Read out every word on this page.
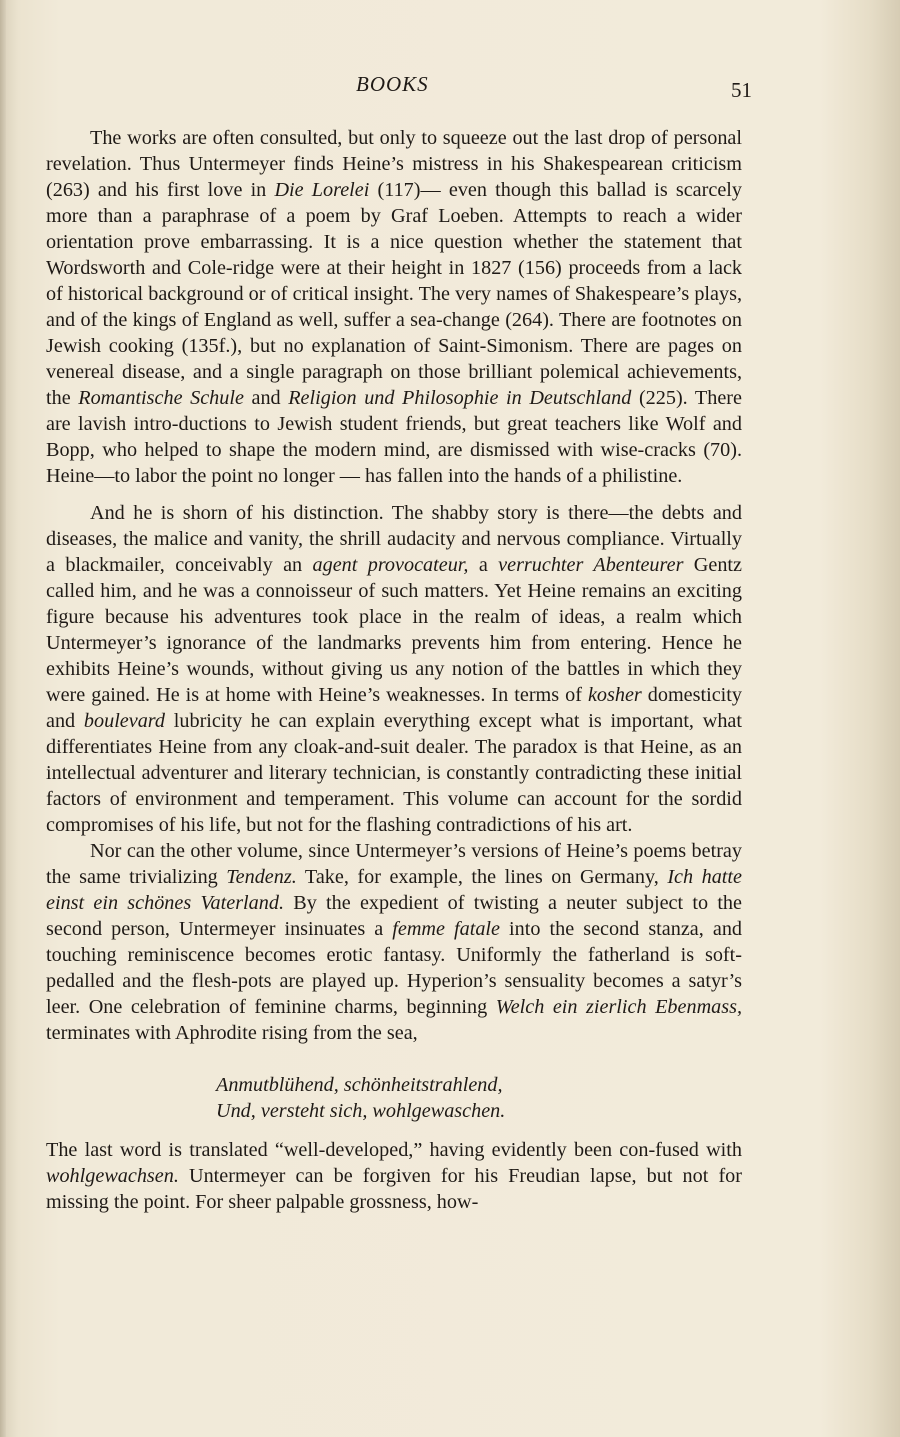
BOOKS	51

The works are often consulted, but only to squeeze out the last drop of personal revelation. Thus Untermeyer finds Heine’s mistress in his Shakespearean criticism (263) and his first love in Die Lorelei (117)— even though this ballad is scarcely more than a paraphrase of a poem by Graf Loeben. Attempts to reach a wider orientation prove embarrassing. It is a nice question whether the statement that Wordsworth and Cole-ridge were at their height in 1827 (156) proceeds from a lack of historical background or of critical insight. The very names of Shakespeare’s plays, and of the kings of England as well, suffer a sea-change (264). There are footnotes on Jewish cooking (135f.), but no explanation of Saint-Simonism. There are pages on venereal disease, and a single paragraph on those brilliant polemical achievements, the Romantische Schule and Religion und Philosophie in Deutschland (225). There are lavish intro-ductions to Jewish student friends, but great teachers like Wolf and Bopp, who helped to shape the modern mind, are dismissed with wise-cracks (70). Heine—to labor the point no longer — has fallen into the hands of a philistine.

And he is shorn of his distinction. The shabby story is there—the debts and diseases, the malice and vanity, the shrill audacity and nervous compliance. Virtually a blackmailer, conceivably an agent provocateur, a verruchter Abenteurer Gentz called him, and he was a connoisseur of such matters. Yet Heine remains an exciting figure because his adventures took place in the realm of ideas, a realm which Untermeyer’s ignorance of the landmarks prevents him from entering. Hence he exhibits Heine’s wounds, without giving us any notion of the battles in which they were gained. He is at home with Heine’s weaknesses. In terms of kosher domesticity and boulevard lubricity he can explain everything except what is important, what differentiates Heine from any cloak-and-suit dealer. The paradox is that Heine, as an intellectual adventurer and literary technician, is constantly contradicting these initial factors of environment and temperament. This volume can account for the sordid compromises of his life, but not for the flashing contradictions of his art.

Nor can the other volume, since Untermeyer’s versions of Heine’s poems betray the same trivializing Tendenz. Take, for example, the lines on Germany, Ich hatte einst ein schönes Vaterland. By the expedient of twisting a neuter subject to the second person, Untermeyer insinuates a femme fatale into the second stanza, and touching reminiscence becomes erotic fantasy. Uniformly the fatherland is soft-pedalled and the flesh-pots are played up. Hyperion’s sensuality becomes a satyr’s leer. One celebration of feminine charms, beginning Welch ein zierlich Ebenmass, terminates with Aphrodite rising from the sea,

Anmutblühend, schönheitstrahlend,
Und, versteht sich, wohlgewaschen.

The last word is translated “well-developed,” having evidently been con-fused with wohlgewachsen. Untermeyer can be forgiven for his Freudian lapse, but not for missing the point. For sheer palpable grossness, how-
